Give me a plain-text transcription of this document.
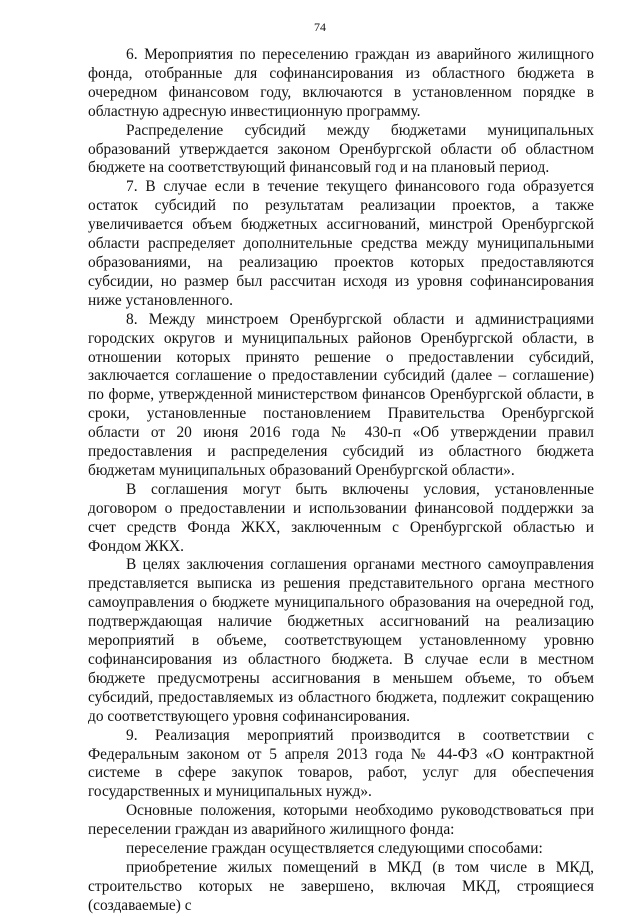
74

6. Мероприятия по переселению граждан из аварийного жилищного фонда, отобранные для софинансирования из областного бюджета в очередном финансовом году, включаются в установленном порядке в областную адресную инвестиционную программу.

Распределение субсидий между бюджетами муниципальных образований утверждается законом Оренбургской области об областном бюджете на соответствующий финансовый год и на плановый период.

7. В случае если в течение текущего финансового года образуется остаток субсидий по результатам реализации проектов, а также увеличивается объем бюджетных ассигнований, минстрой Оренбургской области распределяет дополнительные средства между муниципальными образованиями, на реализацию проектов которых предоставляются субсидии, но размер был рассчитан исходя из уровня софинансирования ниже установленного.

8. Между минстроем Оренбургской области и администрациями городских округов и муниципальных районов Оренбургской области, в отношении которых принято решение о предоставлении субсидий, заключается соглашение о предоставлении субсидий (далее – соглашение) по форме, утвержденной министерством финансов Оренбургской области, в сроки, установленные постановлением Правительства Оренбургской области от 20 июня 2016 года № 430-п «Об утверждении правил предоставления и распределения субсидий из областного бюджета бюджетам муниципальных образований Оренбургской области».

В соглашения могут быть включены условия, установленные договором о предоставлении и использовании финансовой поддержки за счет средств Фонда ЖКХ, заключенным с Оренбургской областью и Фондом ЖКХ.

В целях заключения соглашения органами местного самоуправления представляется выписка из решения представительного органа местного самоуправления о бюджете муниципального образования на очередной год, подтверждающая наличие бюджетных ассигнований на реализацию мероприятий в объеме, соответствующем установленному уровню софинансирования из областного бюджета. В случае если в местном бюджете предусмотрены ассигнования в меньшем объеме, то объем субсидий, предоставляемых из областного бюджета, подлежит сокращению до соответствующего уровня софинансирования.

9. Реализация мероприятий производится в соответствии с Федеральным законом от 5 апреля 2013 года № 44-ФЗ «О контрактной системе в сфере закупок товаров, работ, услуг для обеспечения государственных и муниципальных нужд».

Основные положения, которыми необходимо руководствоваться при переселении граждан из аварийного жилищного фонда:

переселение граждан осуществляется следующими способами:

приобретение жилых помещений в МКД (в том числе в МКД, строительство которых не завершено, включая МКД, строящиеся (создаваемые) с
